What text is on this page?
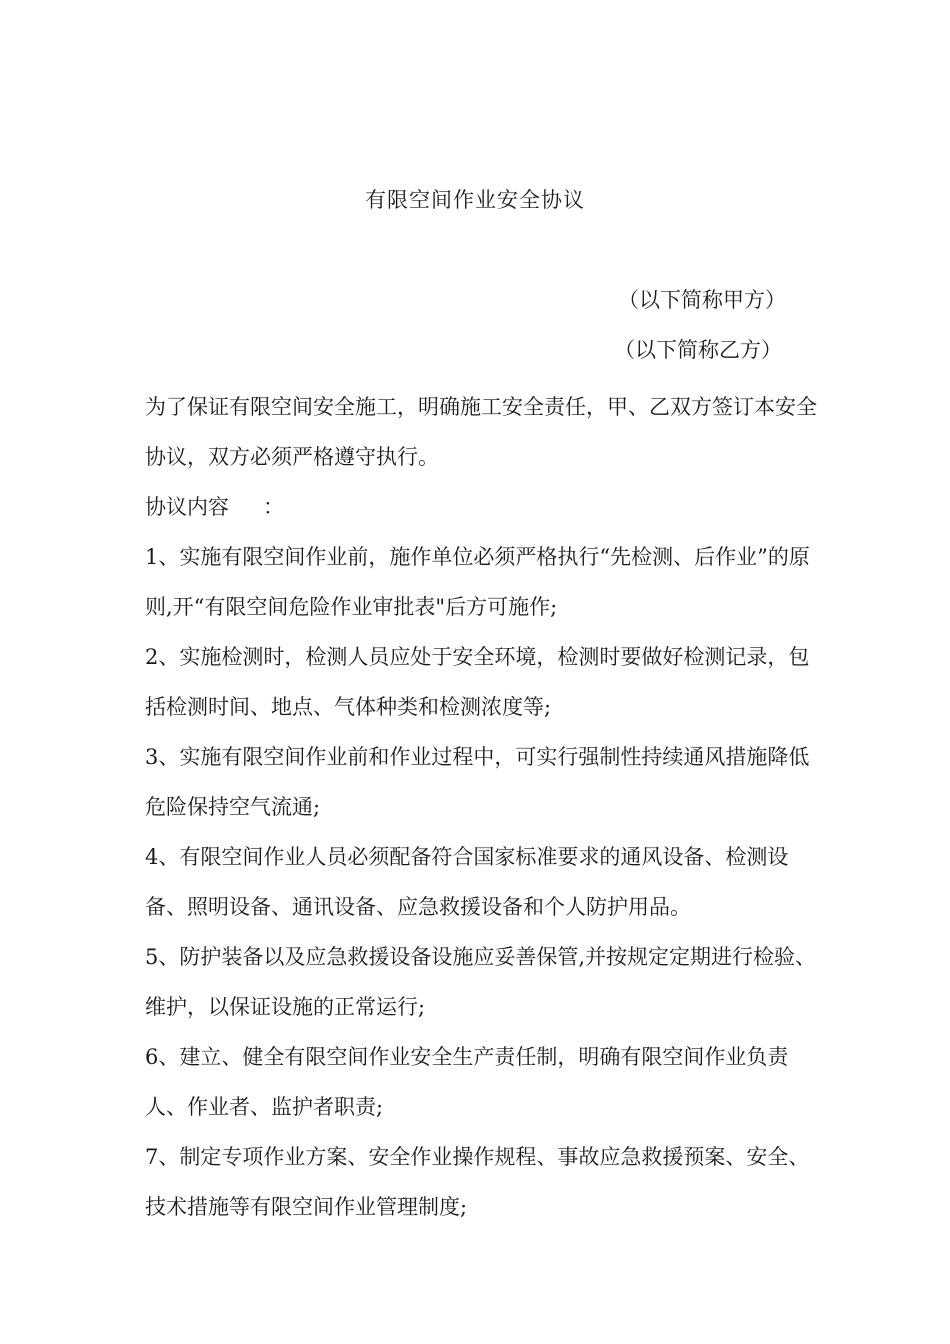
有限空间作业安全协议
（以下简称甲方）
（以下简称乙方）

为了保证有限空间安全施工，明确施工安全责任，甲、乙双方签订本安全协议，双方必须严格遵守执行。

协议内容 ：

1、实施有限空间作业前，施作单位必须严格执行“先检测、后作业”的原则,开“有限空间危险作业审批表"后方可施作;

2、实施检测时，检测人员应处于安全环境，检测时要做好检测记录，包括检测时间、地点、气体种类和检测浓度等;

3、实施有限空间作业前和作业过程中，可实行强制性持续通风措施降低危险保持空气流通;

4、有限空间作业人员必须配备符合国家标准要求的通风设备、检测设备、照明设备、通讯设备、应急救援设备和个人防护用品。

5、防护装备以及应急救援设备设施应妥善保管,并按规定定期进行检验、维护，以保证设施的正常运行;

6、建立、健全有限空间作业安全生产责任制，明确有限空间作业负责人、作业者、监护者职责;

7、制定专项作业方案、安全作业操作规程、事故应急救援预案、安全、技术措施等有限空间作业管理制度;
